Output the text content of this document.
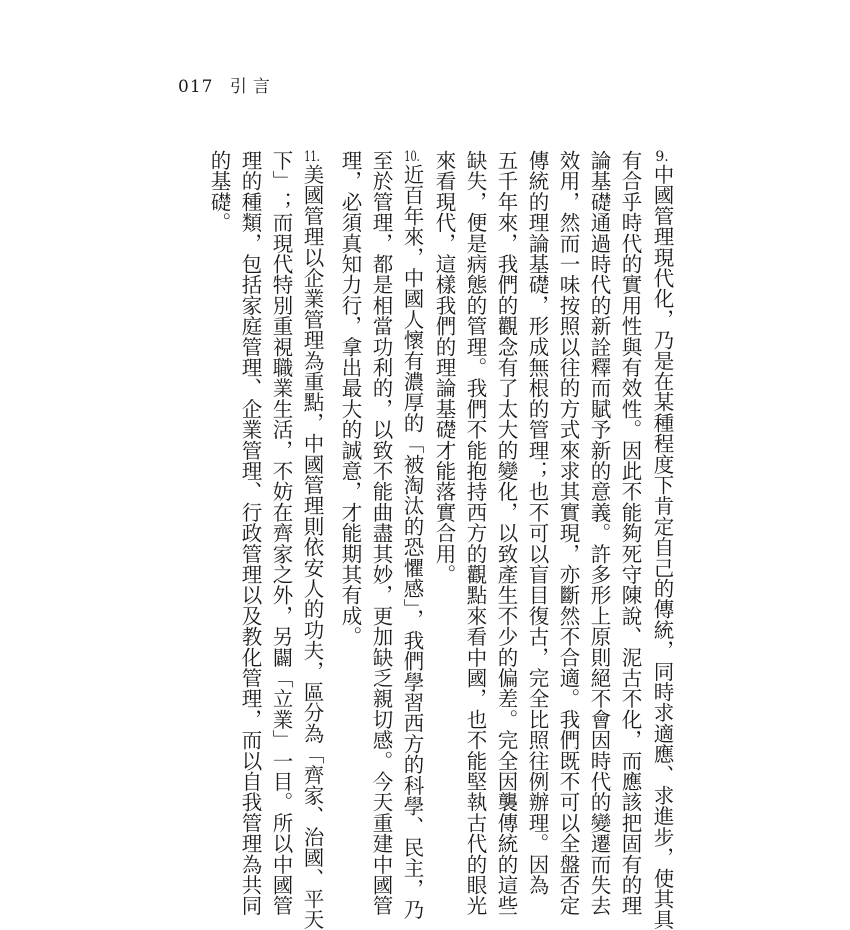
017 引言

9.中國管理現代化，乃是在某種程度下肯定自己的傳統，同時求適應、求進步，使其具

有合乎時代的實用性與有效性。因此不能夠死守陳說、泥古不化，而應該把固有的理

論基礎通過時代的新詮釋而賦予新的意義。許多形上原則絕不會因時代的變遷而失去

效用，然而一味按照以往的方式來求其實現，亦斷然不合適。我們既不可以全盤否定

傳統的理論基礎，形成無根的管理；也不可以盲目復古，完全比照往例辦理。因為

五千年來，我們的觀念有了太大的變化，以致產生不少的偏差。完全因襲傳統的這些

缺失，便是病態的管理。我們不能抱持西方的觀點來看中國，也不能堅執古代的眼光

來看現代，這樣我們的理論基礎才能落實合用。

10.近百年來，中國人懷有濃厚的「被淘汰的恐懼感」，我們學習西方的科學、民主，乃

至於管理，都是相當功利的，以致不能曲盡其妙，更加缺乏親切感。今天重建中國管

理，必須真知力行，拿出最大的誠意，才能期其有成。

11.美國管理以企業管理為重點，中國管理則依安人的功夫，區分為「齊家、治國、平天

下」；而現代特別重視職業生活，不妨在齊家之外，另闢「立業」一目。所以中國管

理的種類，包括家庭管理、企業管理、行政管理以及教化管理，而以自我管理為共同

的基礎。
